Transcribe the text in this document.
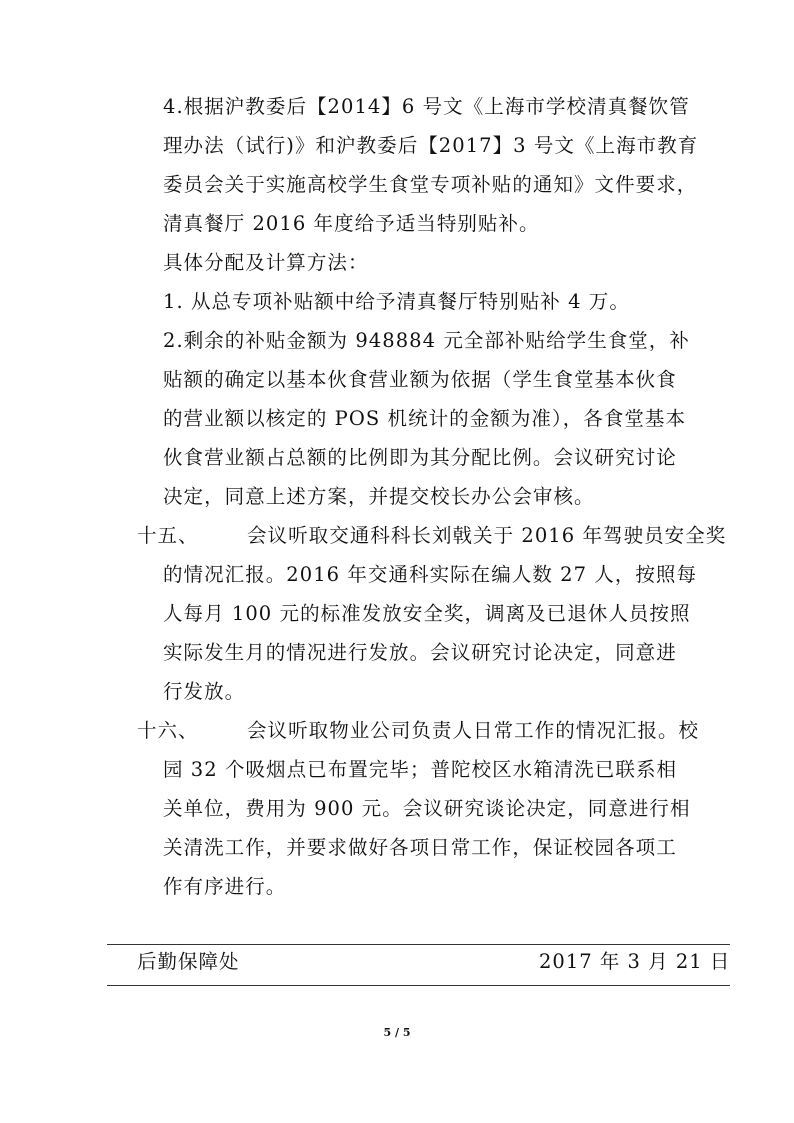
4.根据沪教委后【2014】6 号文《上海市学校清真餐饮管
理办法（试行)》和沪教委后【2017】3 号文《上海市教育
委员会关于实施高校学生食堂专项补贴的通知》文件要求，
清真餐厅 2016 年度给予适当特别贴补。
具体分配及计算方法：
1. 从总专项补贴额中给予清真餐厅特别贴补 4 万。
2.剩余的补贴金额为 948884 元全部补贴给学生食堂，补
贴额的确定以基本伙食营业额为依据（学生食堂基本伙食
的营业额以核定的 POS 机统计的金额为准），各食堂基本
伙食营业额占总额的比例即为其分配比例。会议研究讨论
决定，同意上述方案，并提交校长办公会审核。
十五、 会议听取交通科科长刘戟关于 2016 年驾驶员安全奖
的情况汇报。2016 年交通科实际在编人数 27 人，按照每
人每月 100 元的标准发放安全奖，调离及已退休人员按照
实际发生月的情况进行发放。会议研究讨论决定，同意进
行发放。
十六、 会议听取物业公司负责人日常工作的情况汇报。校
园 32 个吸烟点已布置完毕；普陀校区水箱清洗已联系相
关单位，费用为 900 元。会议研究谈论决定，同意进行相
关清洗工作，并要求做好各项日常工作，保证校园各项工
作有序进行。
后勤保障处	2017 年 3 月 21 日
5 / 5
